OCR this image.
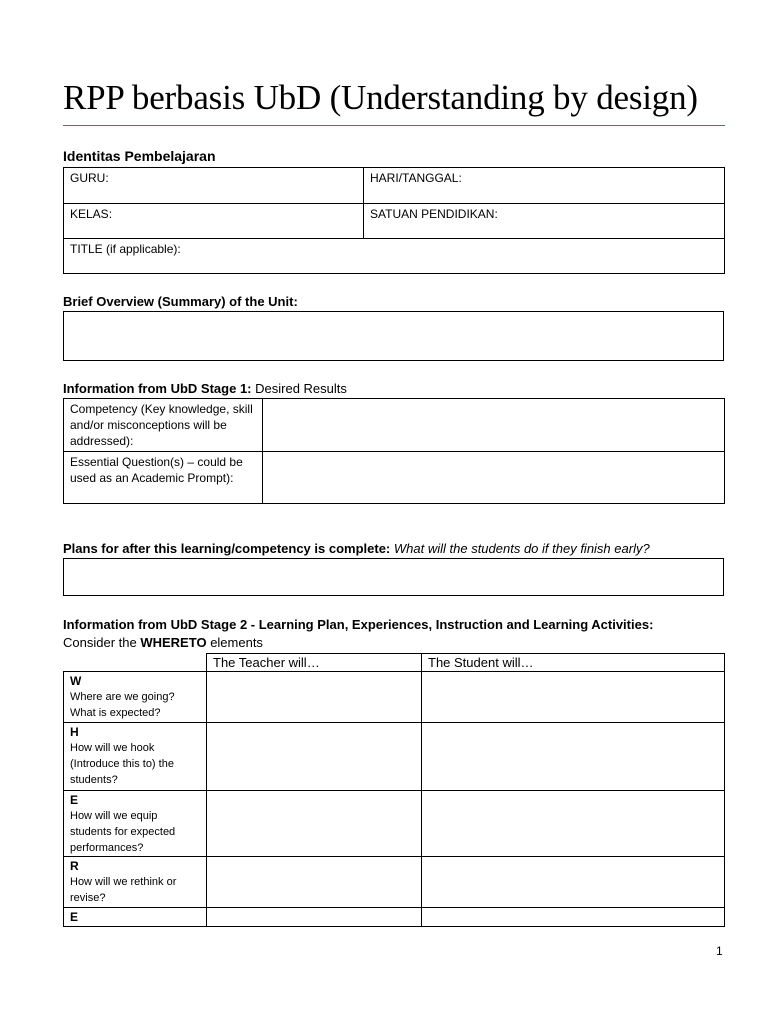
RPP berbasis UbD (Understanding by design)
Identitas Pembelajaran
GURU:	HARI/TANGGAL:

KELAS:	SATUAN PENDIDIKAN:

TITLE (if applicable):	
Brief Overview (Summary) of the Unit:
Information from UbD Stage 1: Desired Results
Competency (Key knowledge, skill and/or misconceptions will be addressed):	

Essential Question(s) – could be used as an Academic Prompt):	

Plans for after this learning/competency is complete: What will the students do if they finish early?
Information from UbD Stage 2 - Learning Plan, Experiences, Instruction and Learning Activities:
Consider the WHERETO elements

	The Teacher will…	The Student will…

W
Where are we going?
What is expected?		

H
How will we hook
(Introduce this to) the
students?		

E
How will we equip
students for expected
performances?		

R
How will we rethink or
revise?		

E		

1
